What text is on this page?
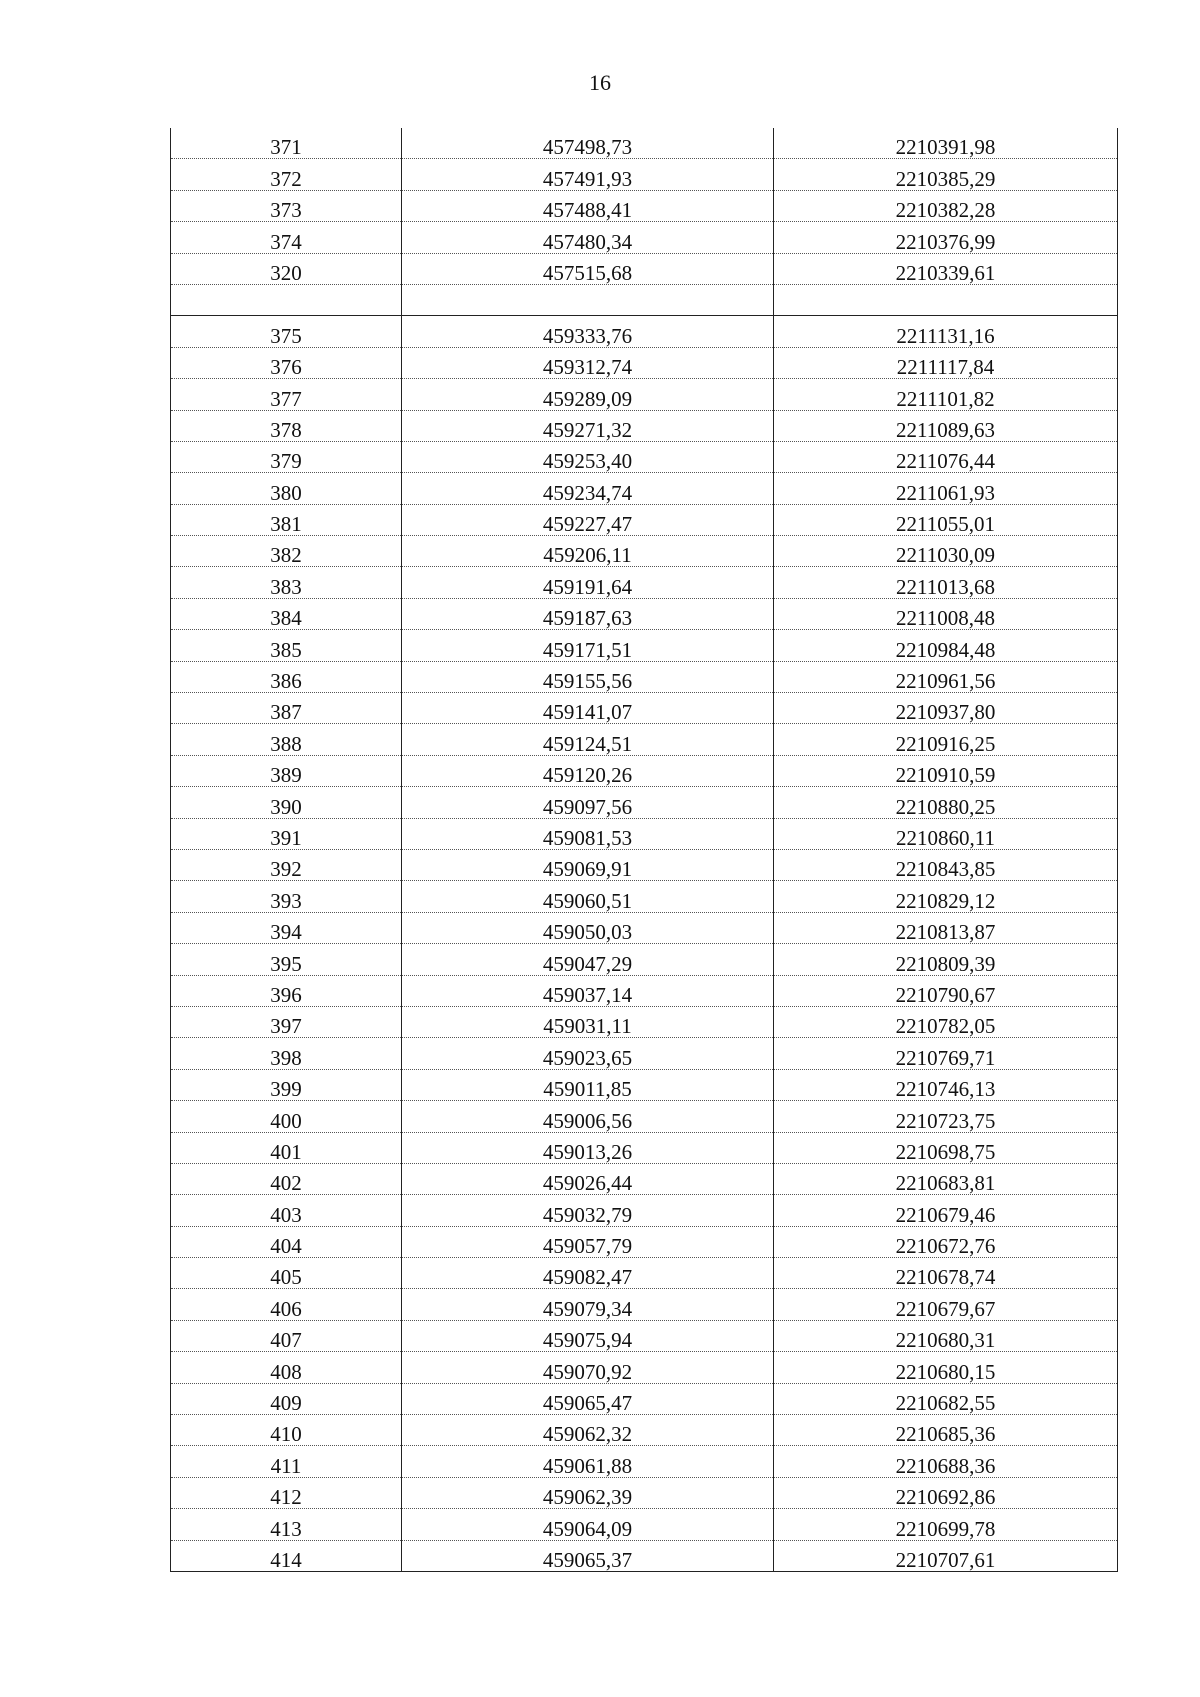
16
371	457498,73	2210391,98
372	457491,93	2210385,29
373	457488,41	2210382,28
374	457480,34	2210376,99
320	457515,68	2210339,61

375	459333,76	2211131,16
376	459312,74	2211117,84
377	459289,09	2211101,82
378	459271,32	2211089,63
379	459253,40	2211076,44
380	459234,74	2211061,93
381	459227,47	2211055,01
382	459206,11	2211030,09
383	459191,64	2211013,68
384	459187,63	2211008,48
385	459171,51	2210984,48
386	459155,56	2210961,56
387	459141,07	2210937,80
388	459124,51	2210916,25
389	459120,26	2210910,59
390	459097,56	2210880,25
391	459081,53	2210860,11
392	459069,91	2210843,85
393	459060,51	2210829,12
394	459050,03	2210813,87
395	459047,29	2210809,39
396	459037,14	2210790,67
397	459031,11	2210782,05
398	459023,65	2210769,71
399	459011,85	2210746,13
400	459006,56	2210723,75
401	459013,26	2210698,75
402	459026,44	2210683,81
403	459032,79	2210679,46
404	459057,79	2210672,76
405	459082,47	2210678,74
406	459079,34	2210679,67
407	459075,94	2210680,31
408	459070,92	2210680,15
409	459065,47	2210682,55
410	459062,32	2210685,36
411	459061,88	2210688,36
412	459062,39	2210692,86
413	459064,09	2210699,78
414	459065,37	2210707,61
